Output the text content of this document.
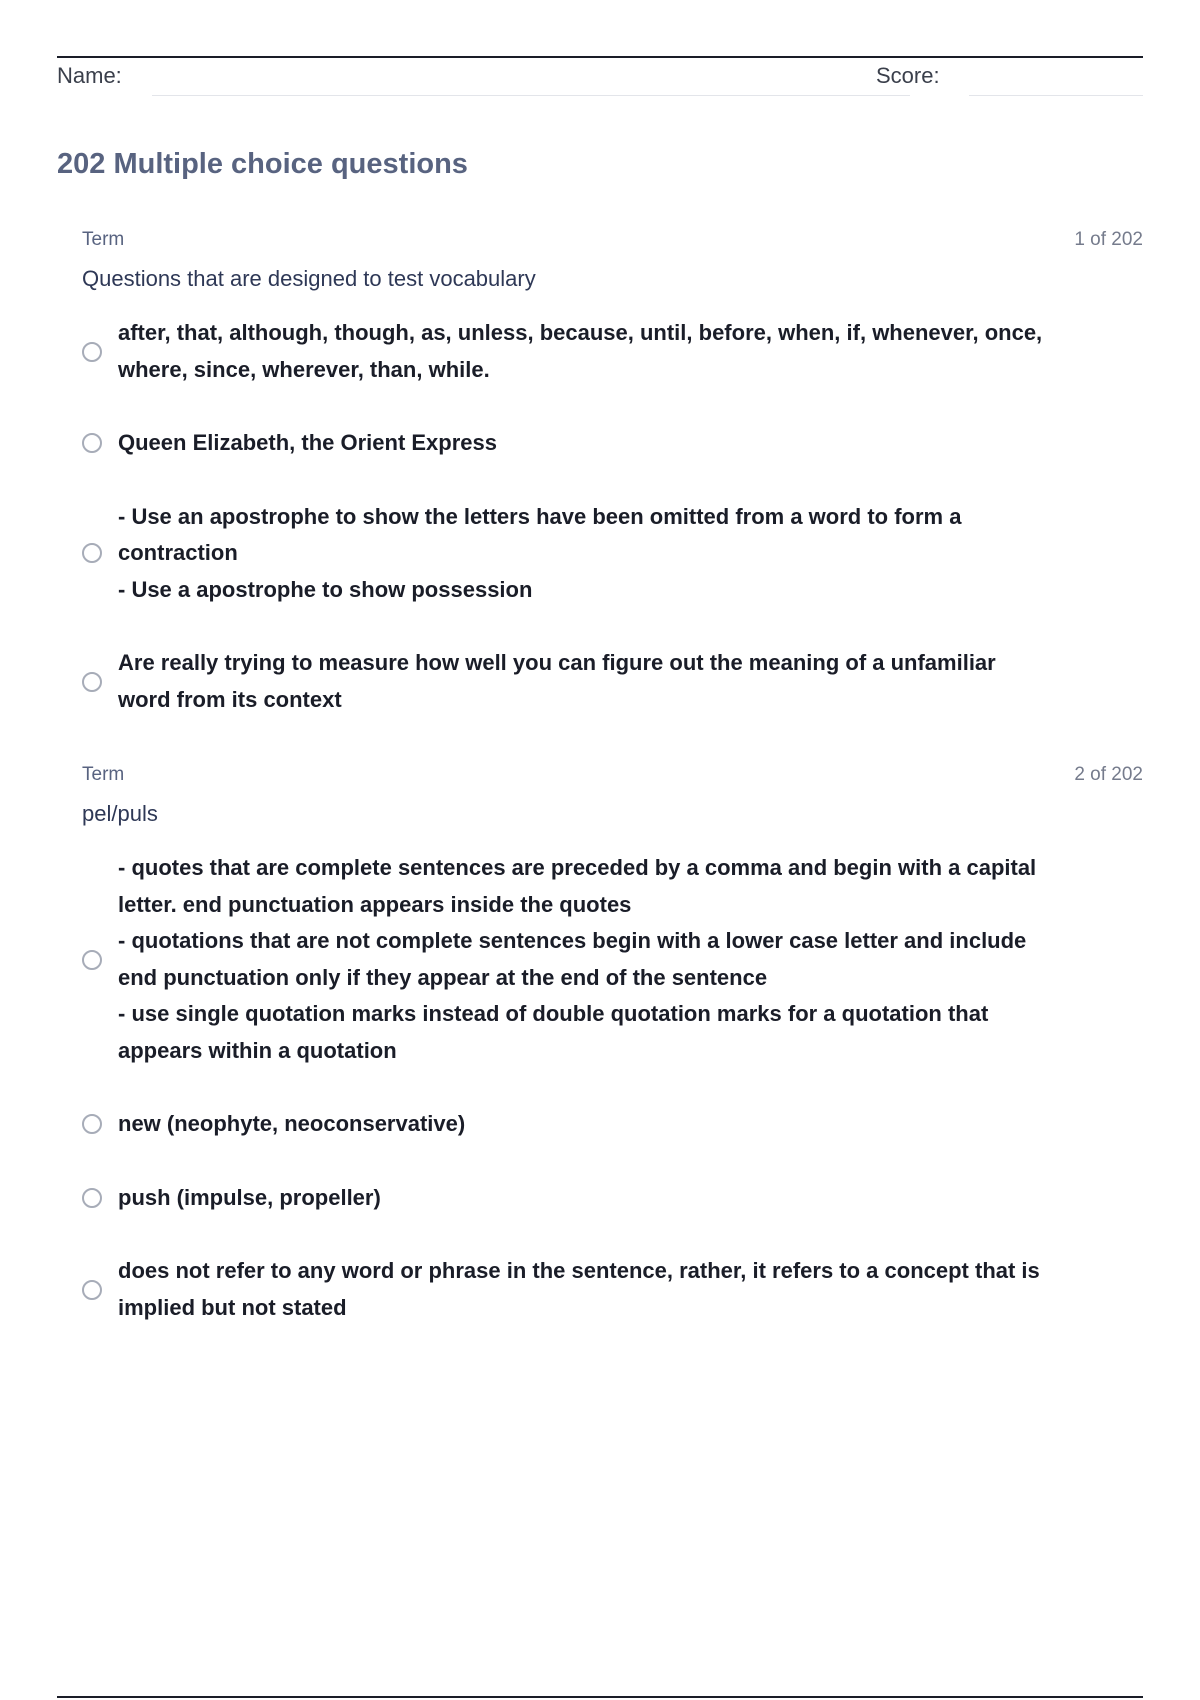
Name:	Score:
202 Multiple choice questions
Term	1 of 202
Questions that are designed to test vocabulary
after, that, although, though, as, unless, because, until, before, when, if, whenever, once,
where, since, wherever, than, while.
Queen Elizabeth, the Orient Express
- Use an apostrophe to show the letters have been omitted from a word to form a
contraction
- Use a apostrophe to show possession
Are really trying to measure how well you can figure out the meaning of a unfamiliar
word from its context
Term	2 of 202
pel/puls
- quotes that are complete sentences are preceded by a comma and begin with a capital
letter. end punctuation appears inside the quotes
- quotations that are not complete sentences begin with a lower case letter and include
end punctuation only if they appear at the end of the sentence
- use single quotation marks instead of double quotation marks for a quotation that
appears within a quotation
new (neophyte, neoconservative)
push (impulse, propeller)
does not refer to any word or phrase in the sentence, rather, it refers to a concept that is
implied but not stated
